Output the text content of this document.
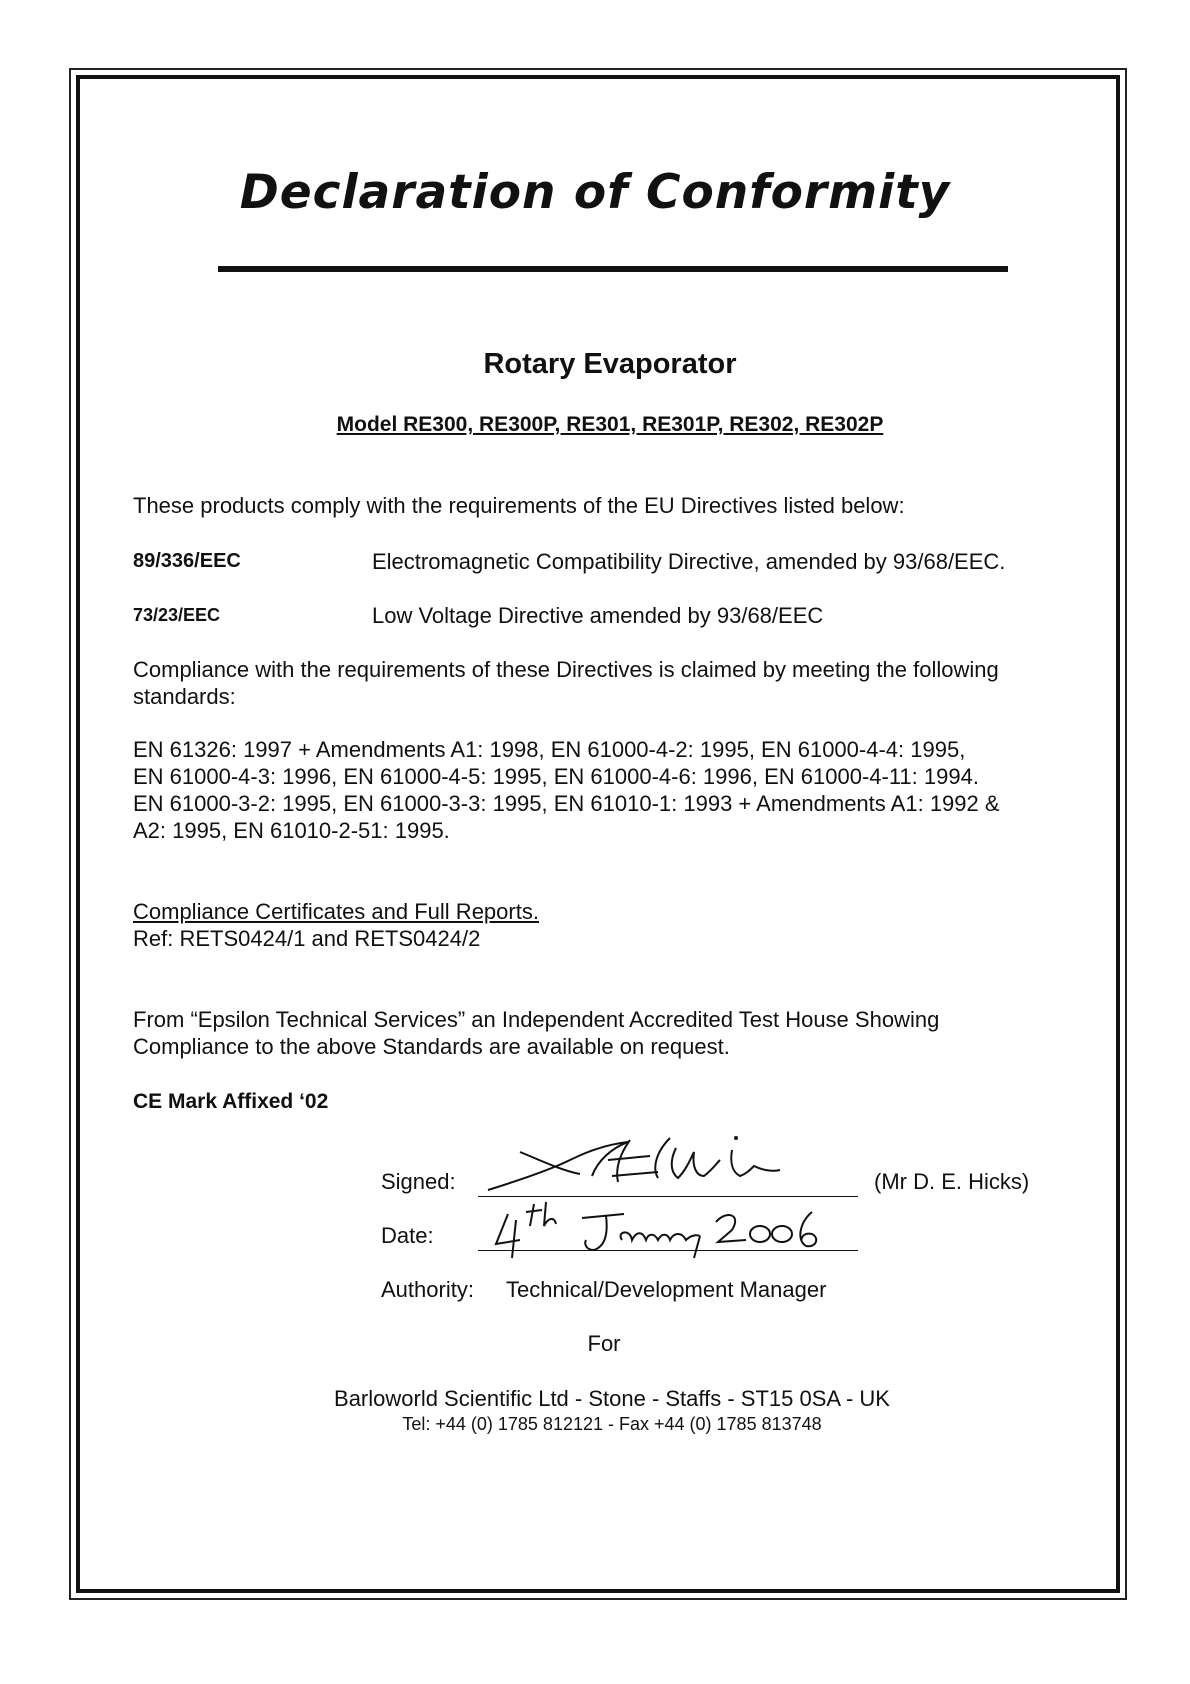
Declaration of Conformity
Rotary Evaporator
Model RE300, RE300P, RE301, RE301P, RE302, RE302P
These products comply with the requirements of the EU Directives listed below:
89/336/EEC	Electromagnetic Compatibility Directive, amended by 93/68/EEC.
73/23/EEC	Low Voltage Directive amended by 93/68/EEC
Compliance with the requirements of these Directives is claimed by meeting the following
standards:
EN 61326: 1997 + Amendments A1: 1998, EN 61000-4-2: 1995, EN 61000-4-4: 1995,
EN 61000-4-3: 1996, EN 61000-4-5: 1995, EN 61000-4-6: 1996, EN 61000-4-11: 1994.
EN 61000-3-2: 1995, EN 61000-3-3: 1995, EN 61010-1: 1993 + Amendments A1: 1992 &
A2: 1995, EN 61010-2-51: 1995.
Compliance Certificates and Full Reports.
Ref: RETS0424/1 and RETS0424/2
From “Epsilon Technical Services” an Independent Accredited Test House Showing
Compliance to the above Standards are available on request.
CE Mark Affixed ‘02
Signed:	(Mr D. E. Hicks)
Date:
Authority: Technical/Development Manager
For
Barloworld Scientific Ltd - Stone - Staffs - ST15 0SA - UK
Tel: +44 (0) 1785 812121 - Fax +44 (0) 1785 813748
